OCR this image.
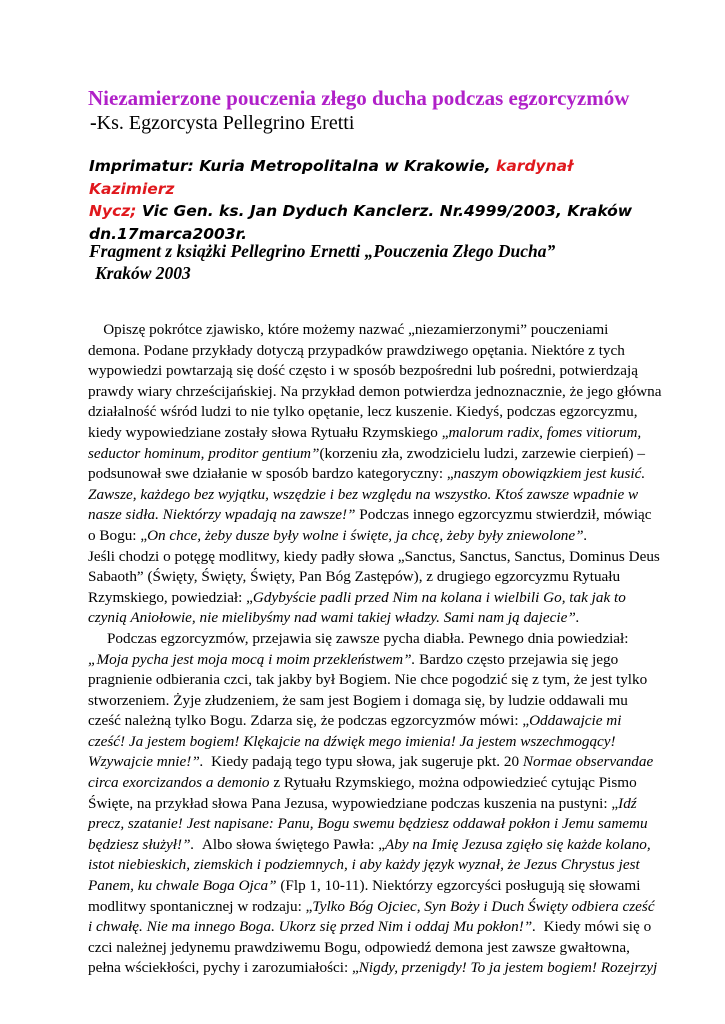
Niezamierzone pouczenia złego ducha podczas egzorcyzmów

-Ks. Egzorcysta Pellegrino Eretti

Imprimatur: Kuria Metropolitalna w Krakowie, kardynał Kazimierz
Nycz; Vic Gen. ks. Jan Dyduch Kanclerz. Nr.4999/2003, Kraków
dn.17marca2003r.

Fragment z książki Pellegrino Ernetti „Pouczenia Złego Ducha”
Kraków 2003

Opiszę pokrótce zjawisko, które możemy nazwać „niezamierzonymi” pouczeniami
demona. Podane przykłady dotyczą przypadków prawdziwego opętania. Niektóre z tych
wypowiedzi powtarzają się dość często i w sposób bezpośredni lub pośredni, potwierdzają
prawdy wiary chrześcijańskiej. Na przykład demon potwierdza jednoznacznie, że jego główna
działalność wśród ludzi to nie tylko opętanie, lecz kuszenie. Kiedyś, podczas egzorcyzmu,
kiedy wypowiedziane zostały słowa Rytuału Rzymskiego „malorum radix, fomes vitiorum,
seductor hominum, proditor gentium”(korzeniu zła, zwodzicielu ludzi, zarzewie cierpień) –
podsunował swe działanie w sposób bardzo kategoryczny: „naszym obowiązkiem jest kusić.
Zawsze, każdego bez wyjątku, wszędzie i bez względu na wszystko. Ktoś zawsze wpadnie w
nasze sidła. Niektórzy wpadają na zawsze!” Podczas innego egzorcyzmu stwierdził, mówiąc
o Bogu: „On chce, żeby dusze były wolne i święte, ja chcę, żeby były zniewolone”.
Jeśli chodzi o potęgę modlitwy, kiedy padły słowa „Sanctus, Sanctus, Sanctus, Dominus Deus
Sabaoth” (Święty, Święty, Święty, Pan Bóg Zastępów), z drugiego egzorcyzmu Rytuału
Rzymskiego, powiedział: „Gdybyście padli przed Nim na kolana i wielbili Go, tak jak to
czynią Aniołowie, nie mielibyśmy nad wami takiej władzy. Sami nam ją dajecie”.
Podczas egzorcyzmów, przejawia się zawsze pycha diabła. Pewnego dnia powiedział:
„Moja pycha jest moja mocą i moim przekleństwem”. Bardzo często przejawia się jego
pragnienie odbierania czci, tak jakby był Bogiem. Nie chce pogodzić się z tym, że jest tylko
stworzeniem. Żyje złudzeniem, że sam jest Bogiem i domaga się, by ludzie oddawali mu
cześć należną tylko Bogu. Zdarza się, że podczas egzorcyzmów mówi: „Oddawajcie mi
cześć! Ja jestem bogiem! Klękajcie na dźwięk mego imienia! Ja jestem wszechmogący!
Wzywajcie mnie!”.  Kiedy padają tego typu słowa, jak sugeruje pkt. 20 Normae observandae
circa exorcizandos a demonio z Rytuału Rzymskiego, można odpowiedzieć cytując Pismo
Święte, na przykład słowa Pana Jezusa, wypowiedziane podczas kuszenia na pustyni: „Idź
precz, szatanie! Jest napisane: Panu, Bogu swemu będziesz oddawał pokłon i Jemu samemu
będziesz służył!”.  Albo słowa świętego Pawła: „Aby na Imię Jezusa zgięło się każde kolano,
istot niebieskich, ziemskich i podziemnych, i aby każdy język wyznał, że Jezus Chrystus jest
Panem, ku chwale Boga Ojca” (Flp 1, 10-11). Niektórzy egzorcyści posługują się słowami
modlitwy spontanicznej w rodzaju: „Tylko Bóg Ojciec, Syn Boży i Duch Święty odbiera cześć
i chwałę. Nie ma innego Boga. Ukorz się przed Nim i oddaj Mu pokłon!”.  Kiedy mówi się o
czci należnej jedynemu prawdziwemu Bogu, odpowiedź demona jest zawsze gwałtowna,
pełna wściekłości, pychy i zarozumiałości: „Nigdy, przenigdy! To ja jestem bogiem! Rozejrzyj
